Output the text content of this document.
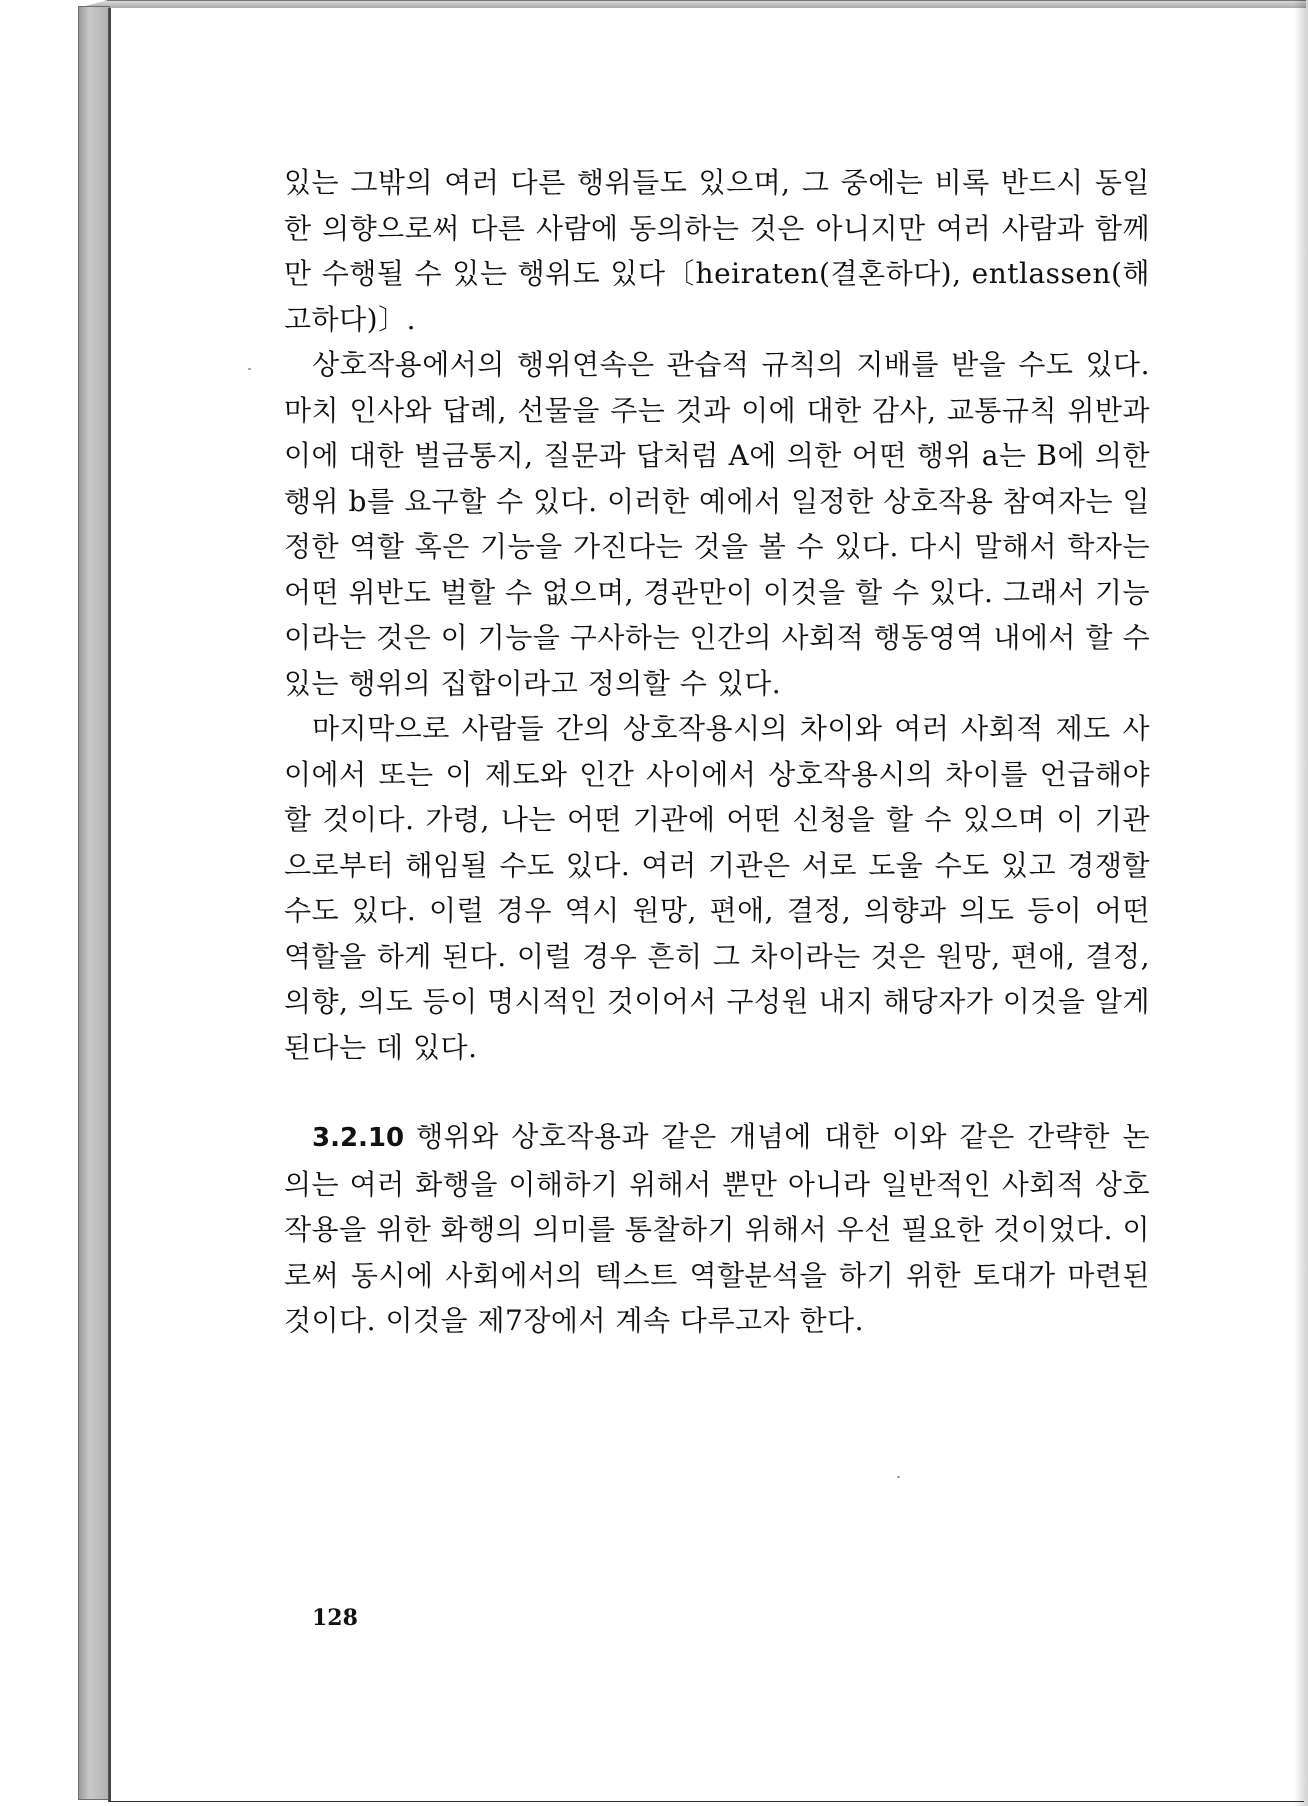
있는 그밖의 여러 다른 행위들도 있으며, 그 중에는 비록 반드시 동일한 의향으로써 다른 사람에 동의하는 것은 아니지만 여러 사람과 함께만 수행될 수 있는 행위도 있다〔heiraten(결혼하다), entlassen(해고하다)〕.

상호작용에서의 행위연속은 관습적 규칙의 지배를 받을 수도 있다. 마치 인사와 답례, 선물을 주는 것과 이에 대한 감사, 교통규칙 위반과 이에 대한 벌금통지, 질문과 답처럼 A에 의한 어떤 행위 a는 B에 의한 행위 b를 요구할 수 있다. 이러한 예에서 일정한 상호작용 참여자는 일정한 역할 혹은 기능을 가진다는 것을 볼 수 있다. 다시 말해서 학자는 어떤 위반도 벌할 수 없으며, 경관만이 이것을 할 수 있다. 그래서 기능이라는 것은 이 기능을 구사하는 인간의 사회적 행동영역 내에서 할 수 있는 행위의 집합이라고 정의할 수 있다.

마지막으로 사람들 간의 상호작용시의 차이와 여러 사회적 제도 사이에서 또는 이 제도와 인간 사이에서 상호작용시의 차이를 언급해야 할 것이다. 가령, 나는 어떤 기관에 어떤 신청을 할 수 있으며 이 기관으로부터 해임될 수도 있다. 여러 기관은 서로 도울 수도 있고 경쟁할 수도 있다. 이럴 경우 역시 원망, 편애, 결정, 의향과 의도 등이 어떤 역할을 하게 된다. 이럴 경우 흔히 그 차이라는 것은 원망, 편애, 결정, 의향, 의도 등이 명시적인 것이어서 구성원 내지 해당자가 이것을 알게 된다는 데 있다.

3.2.10 행위와 상호작용과 같은 개념에 대한 이와 같은 간략한 논의는 여러 화행을 이해하기 위해서 뿐만 아니라 일반적인 사회적 상호작용을 위한 화행의 의미를 통찰하기 위해서 우선 필요한 것이었다. 이로써 동시에 사회에서의 텍스트 역할분석을 하기 위한 토대가 마련된 것이다. 이것을 제7장에서 계속 다루고자 한다.

128
